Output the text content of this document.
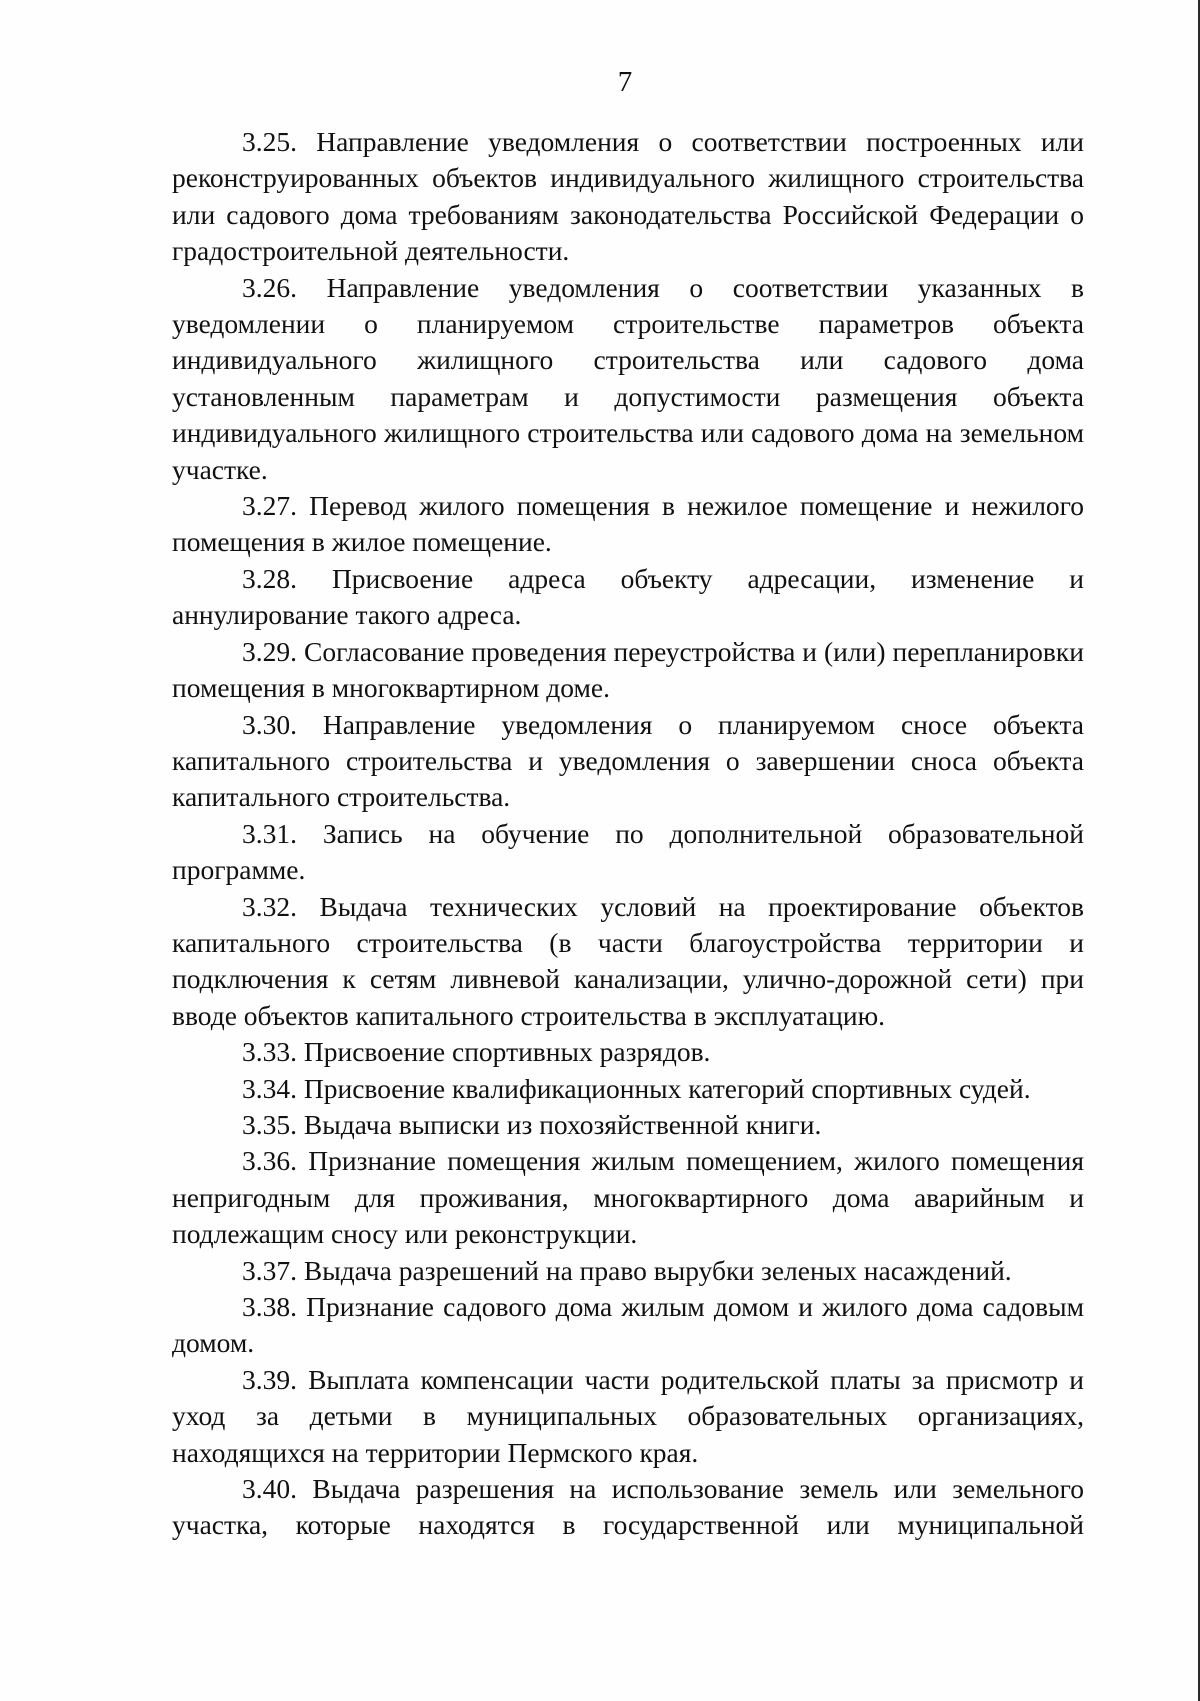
7

3.25. Направление уведомления о соответствии построенных или реконструированных объектов индивидуального жилищного строительства или садового дома требованиям законодательства Российской Федерации о градостроительной деятельности.

3.26. Направление уведомления о соответствии указанных в уведомлении о планируемом строительстве параметров объекта индивидуального жилищного строительства или садового дома установленным параметрам и допустимости размещения объекта индивидуального жилищного строительства или садового дома на земельном участке.

3.27. Перевод жилого помещения в нежилое помещение и нежилого помещения в жилое помещение.

3.28. Присвоение адреса объекту адресации, изменение и аннулирование такого адреса.

3.29. Согласование проведения переустройства и (или) перепланировки помещения в многоквартирном доме.

3.30. Направление уведомления о планируемом сносе объекта капитального строительства и уведомления о завершении сноса объекта капитального строительства.

3.31. Запись на обучение по дополнительной образовательной программе.

3.32. Выдача технических условий на проектирование объектов капитального строительства (в части благоустройства территории и подключения к сетям ливневой канализации, улично-дорожной сети) при вводе объектов капитального строительства в эксплуатацию.

3.33. Присвоение спортивных разрядов.

3.34. Присвоение квалификационных категорий спортивных судей.

3.35. Выдача выписки из похозяйственной книги.

3.36. Признание помещения жилым помещением, жилого помещения непригодным для проживания, многоквартирного дома аварийным и подлежащим сносу или реконструкции.

3.37. Выдача разрешений на право вырубки зеленых насаждений.

3.38. Признание садового дома жилым домом и жилого дома садовым домом.

3.39. Выплата компенсации части родительской платы за присмотр и уход за детьми в муниципальных образовательных организациях, находящихся на территории Пермского края.

3.40. Выдача разрешения на использование земель или земельного участка, которые находятся в государственной или муниципальной
